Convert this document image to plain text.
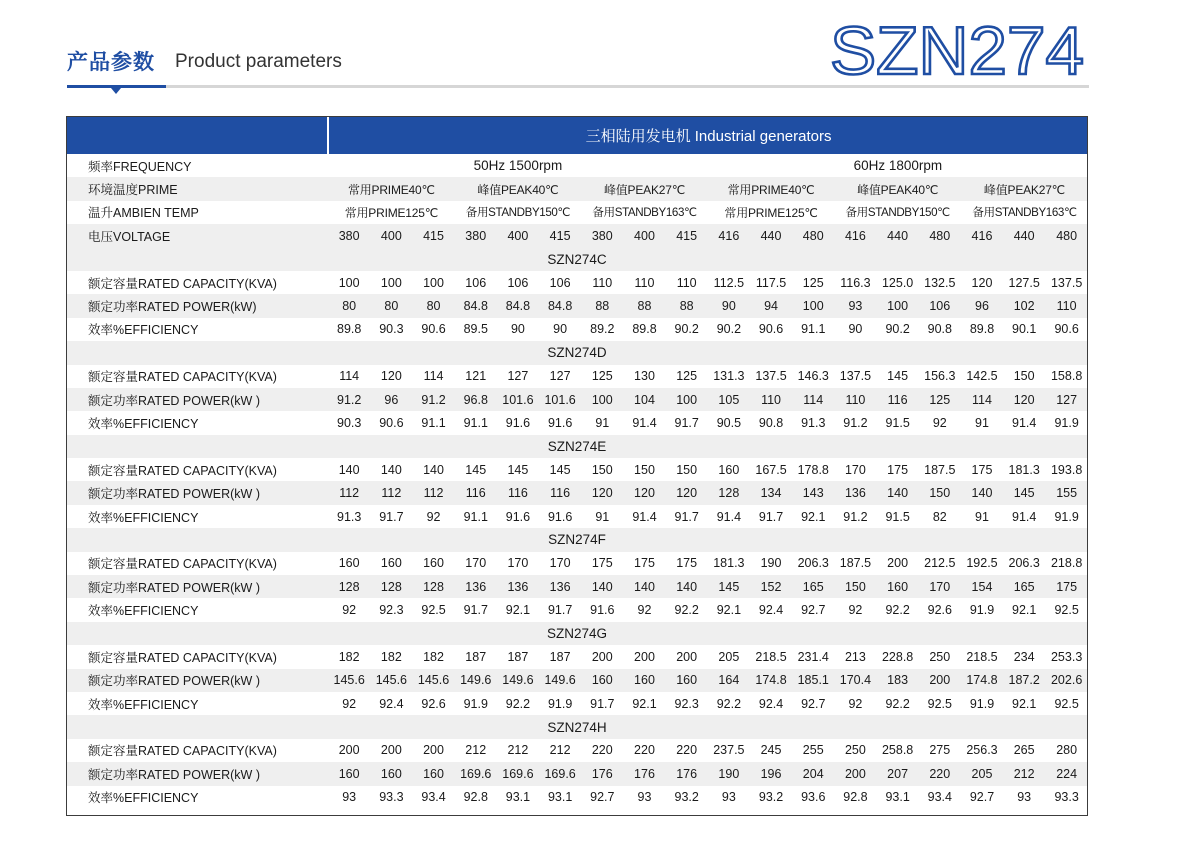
产品参数 Product parameters	SZN274
	三相陆用发电机 Industrial generators																	
频率FREQUENCY	50Hz 1500rpm									60Hz 1800rpm								
环境温度PRIME	常用PRIME40℃			峰值PEAK40℃			峰值PEAK27℃			常用PRIME40℃			峰值PEAK40℃			峰值PEAK27℃		
温升AMBIEN TEMP	常用PRIME125℃			备用STANDBY150℃			备用STANDBY163℃			常用PRIME125℃			备用STANDBY150℃			备用STANDBY163℃		
电压VOLTAGE	380	400	415	380	400	415	380	400	415	416	440	480	416	440	480	416	440	480
SZN274C																		
额定容量RATED CAPACITY(KVA)	100	100	100	106	106	106	110	110	110	112.5	117.5	125	116.3	125.0	132.5	120	127.5	137.5
额定功率RATED POWER(kW)	80	80	80	84.8	84.8	84.8	88	88	88	90	94	100	93	100	106	96	102	110
效率%EFFICIENCY	89.8	90.3	90.6	89.5	90	90	89.2	89.8	90.2	90.2	90.6	91.1	90	90.2	90.8	89.8	90.1	90.6
SZN274D																		
额定容量RATED CAPACITY(KVA)	114	120	114	121	127	127	125	130	125	131.3	137.5	146.3	137.5	145	156.3	142.5	150	158.8
额定功率RATED POWER(kW )	91.2	96	91.2	96.8	101.6	101.6	100	104	100	105	110	114	110	116	125	114	120	127
效率%EFFICIENCY	90.3	90.6	91.1	91.1	91.6	91.6	91	91.4	91.7	90.5	90.8	91.3	91.2	91.5	92	91	91.4	91.9
SZN274E																		
额定容量RATED CAPACITY(KVA)	140	140	140	145	145	145	150	150	150	160	167.5	178.8	170	175	187.5	175	181.3	193.8
额定功率RATED POWER(kW )	112	112	112	116	116	116	120	120	120	128	134	143	136	140	150	140	145	155
效率%EFFICIENCY	91.3	91.7	92	91.1	91.6	91.6	91	91.4	91.7	91.4	91.7	92.1	91.2	91.5	82	91	91.4	91.9
SZN274F																		
额定容量RATED CAPACITY(KVA)	160	160	160	170	170	170	175	175	175	181.3	190	206.3	187.5	200	212.5	192.5	206.3	218.8
额定功率RATED POWER(kW )	128	128	128	136	136	136	140	140	140	145	152	165	150	160	170	154	165	175
效率%EFFICIENCY	92	92.3	92.5	91.7	92.1	91.7	91.6	92	92.2	92.1	92.4	92.7	92	92.2	92.6	91.9	92.1	92.5
SZN274G																		
额定容量RATED CAPACITY(KVA)	182	182	182	187	187	187	200	200	200	205	218.5	231.4	213	228.8	250	218.5	234	253.3
额定功率RATED POWER(kW )	145.6	145.6	145.6	149.6	149.6	149.6	160	160	160	164	174.8	185.1	170.4	183	200	174.8	187.2	202.6
效率%EFFICIENCY	92	92.4	92.6	91.9	92.2	91.9	91.7	92.1	92.3	92.2	92.4	92.7	92	92.2	92.5	91.9	92.1	92.5
SZN274H																		
额定容量RATED CAPACITY(KVA)	200	200	200	212	212	212	220	220	220	237.5	245	255	250	258.8	275	256.3	265	280
额定功率RATED POWER(kW )	160	160	160	169.6	169.6	169.6	176	176	176	190	196	204	200	207	220	205	212	224
效率%EFFICIENCY	93	93.3	93.4	92.8	93.1	93.1	92.7	93	93.2	93	93.2	93.6	92.8	93.1	93.4	92.7	93	93.3
